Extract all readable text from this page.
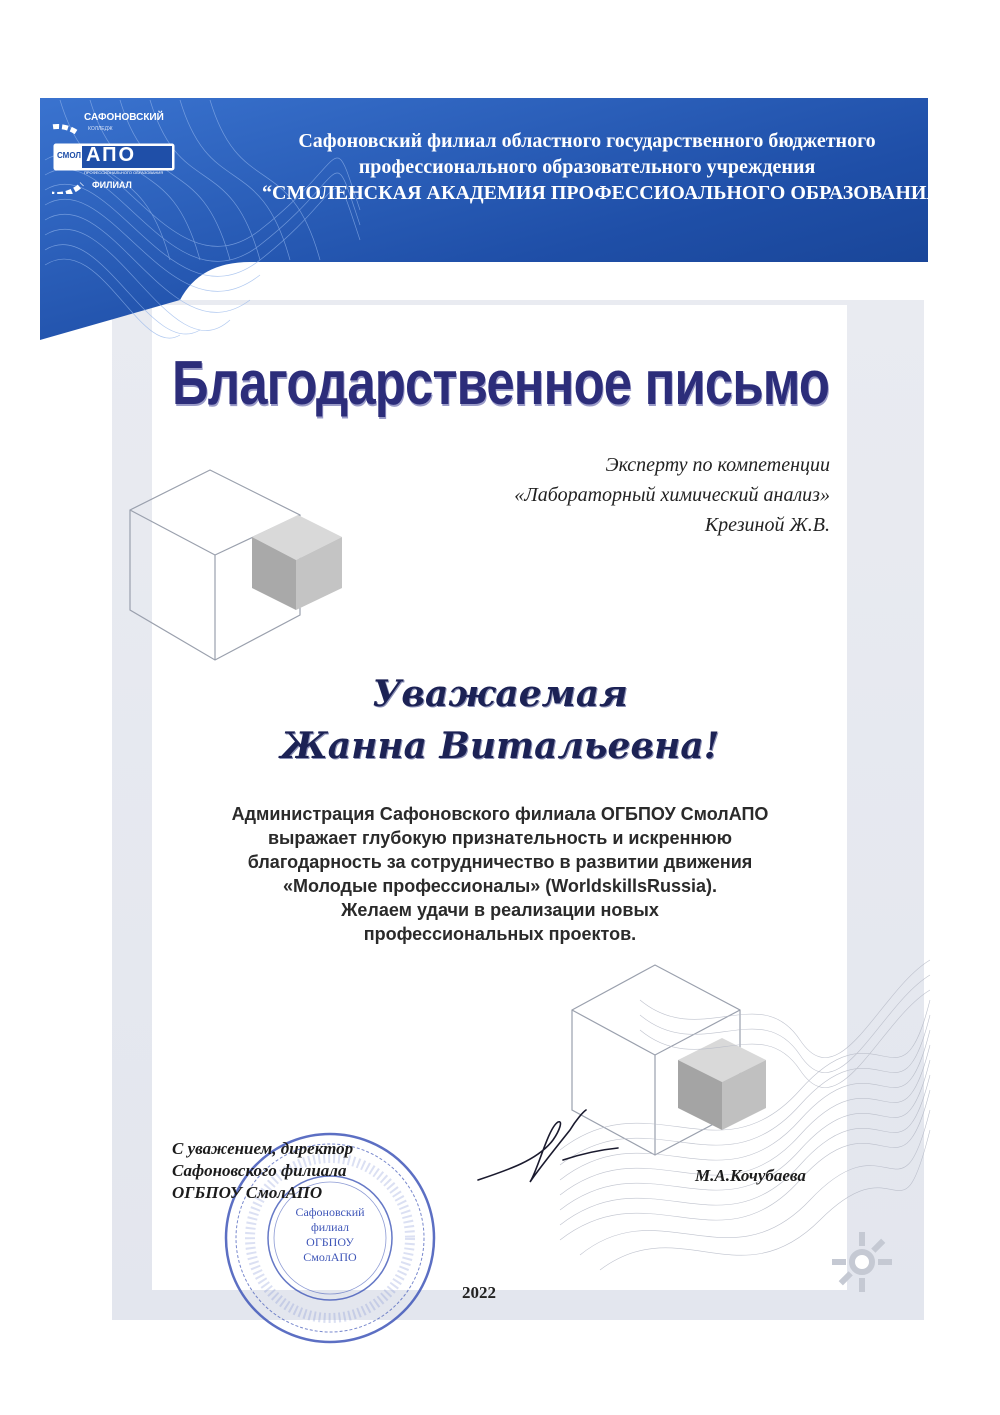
САФОНОВСКИЙ
КОЛЛЕДЖ
СМОЛ АПО
ПРОФЕССИОНАЛЬНОГО ОБРАЗОВАНИЯ
ФИЛИАЛ
Сафоновский филиал областного государственного бюджетного
профессионального образовательного учреждения
“СМОЛЕНСКАЯ АКАДЕМИЯ ПРОФЕССИОАЛЬНОГО ОБРАЗОВАНИЯ”
Благодарственное письмо
Эксперту по компетенции
«Лабораторный химический анализ»
Крезиной Ж.В.
Уважаемая
Жанна Витальевна!
Администрация Сафоновского филиала ОГБПОУ СмолАПО
выражает глубокую признательность и искреннюю
благодарность за сотрудничество в развитии движения
«Молодые профессионалы» (WorldskillsRussia).
Желаем удачи в реализации новых
профессиональных проектов.
Сафоновский
филиал
ОГБПОУ
СмолАПО
С уважением, директор
Сафоновского филиала
ОГБПОУ СмолАПО
М.А.Кочубаева
2022
